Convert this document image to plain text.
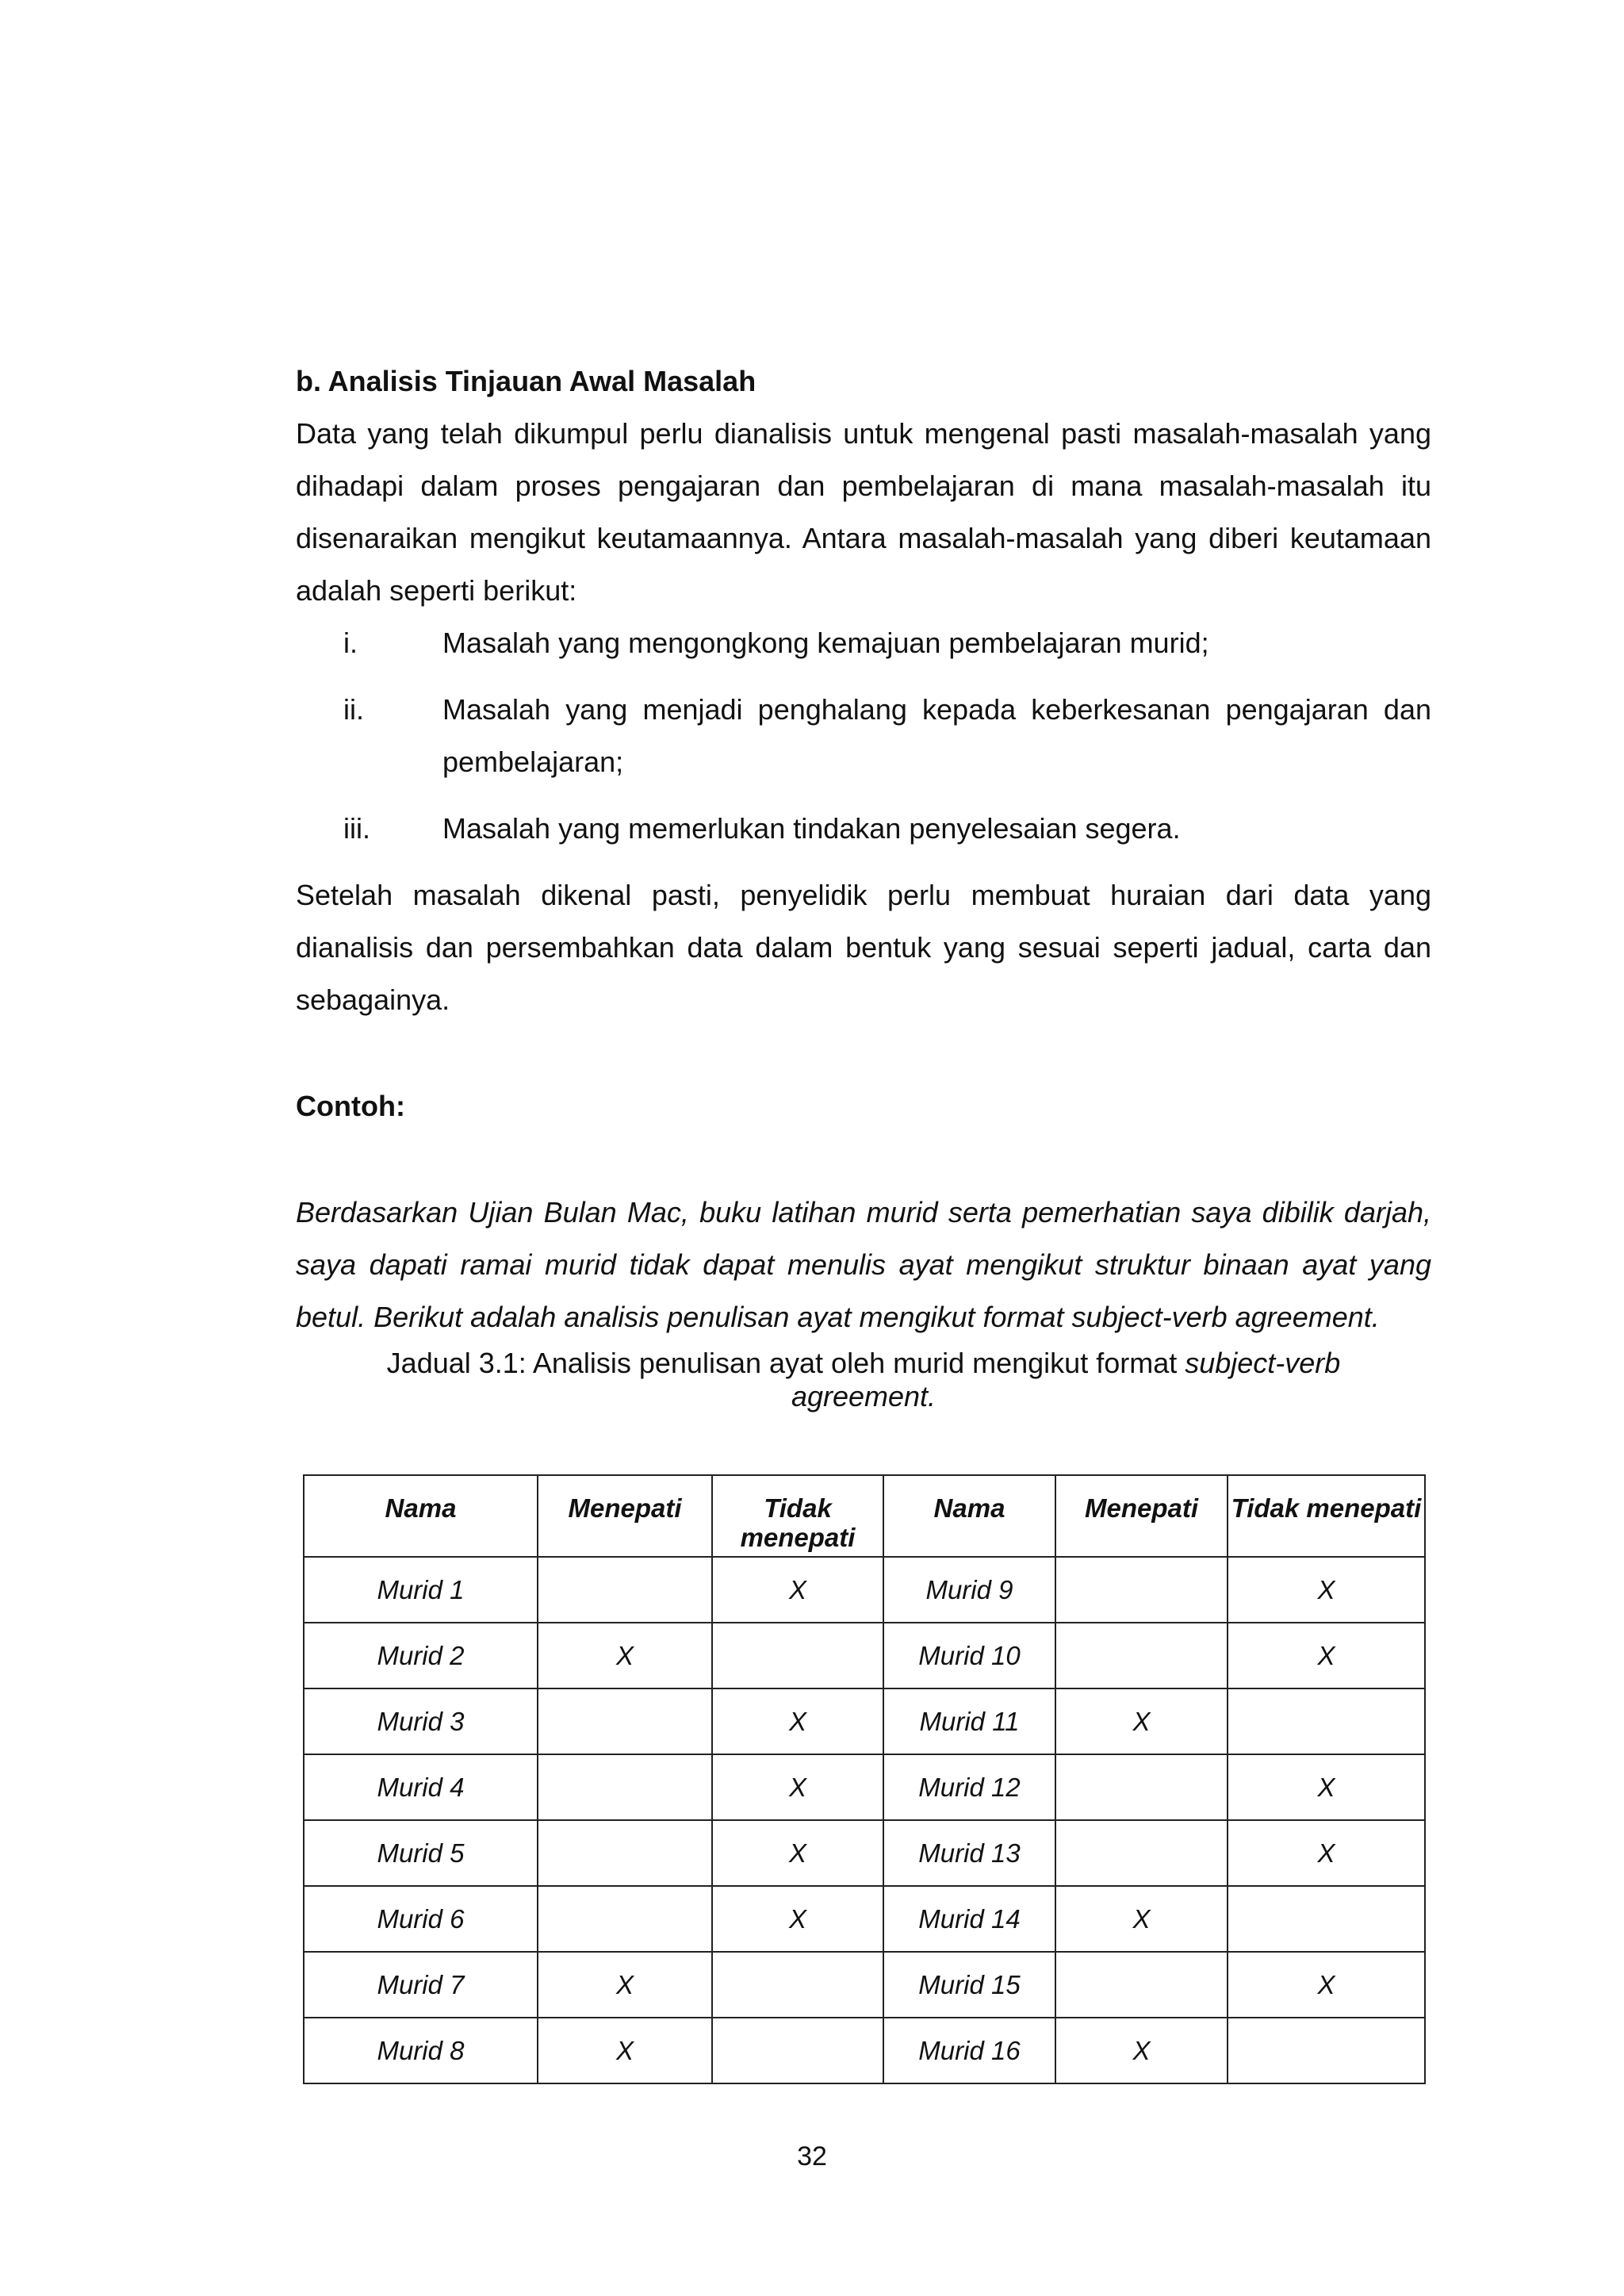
b. Analisis Tinjauan Awal Masalah

Data yang telah dikumpul perlu dianalisis untuk mengenal pasti masalah-masalah yang dihadapi dalam proses pengajaran dan pembelajaran di mana masalah-masalah itu disenaraikan mengikut keutamaannya. Antara masalah-masalah yang diberi keutamaan adalah seperti berikut:

i.	Masalah yang mengongkong kemajuan pembelajaran murid;
ii.	Masalah yang menjadi penghalang kepada keberkesanan pengajaran dan pembelajaran;
iii.	Masalah yang memerlukan tindakan penyelesaian segera.

Setelah masalah dikenal pasti, penyelidik perlu membuat huraian dari data yang dianalisis dan persembahkan data dalam bentuk yang sesuai seperti jadual, carta dan sebagainya.

Contoh:

Berdasarkan Ujian Bulan Mac, buku latihan murid serta pemerhatian saya dibilik darjah, saya dapati ramai murid tidak dapat menulis ayat mengikut struktur binaan ayat yang betul. Berikut adalah analisis penulisan ayat mengikut format subject-verb agreement.

Jadual 3.1: Analisis penulisan ayat oleh murid mengikut format subject-verb
agreement.

Nama	Menepati	Tidak menepati	Nama	Menepati	Tidak menepati
Murid 1		X	Murid 9		X
Murid 2	X		Murid 10		X
Murid 3		X	Murid 11	X	
Murid 4		X	Murid 12		X
Murid 5		X	Murid 13		X
Murid 6		X	Murid 14	X	
Murid 7	X		Murid 15		X
Murid 8	X		Murid 16	X	
32
